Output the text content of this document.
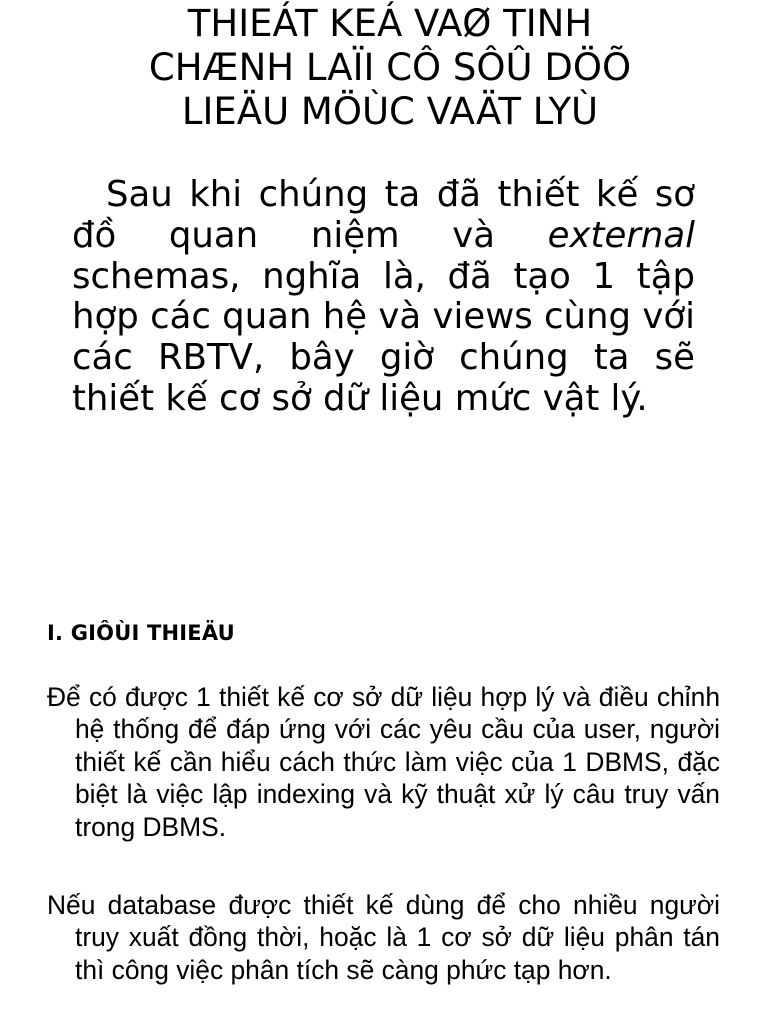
THIEÁT KEÁ VAØ TINH
CHÆNH LAÏI CÔ SÔÛ DÖÕ
LIEÄU MÖÙC VAÄT LYÙ

Sau khi chúng ta đã thiết kế sơ đồ quan niệm và external schemas, nghĩa là, đã tạo 1 tập hợp các quan hệ và views cùng với các RBTV, bây giờ chúng ta sẽ thiết kế cơ sở dữ liệu mức vật lý.

I. GIÔÙI THIEÄU

Để có được 1 thiết kế cơ sở dữ liệu hợp lý và điều chỉnh hệ thống để đáp ứng với các yêu cầu của user, người thiết kế cần hiểu cách thức làm việc của 1 DBMS, đặc biệt là việc lập indexing và kỹ thuật xử lý câu truy vấn trong DBMS.

Nếu database được thiết kế dùng để cho nhiều người truy xuất đồng thời, hoặc là 1 cơ sở dữ liệu phân tán thì công việc phân tích sẽ càng phức tạp hơn.
